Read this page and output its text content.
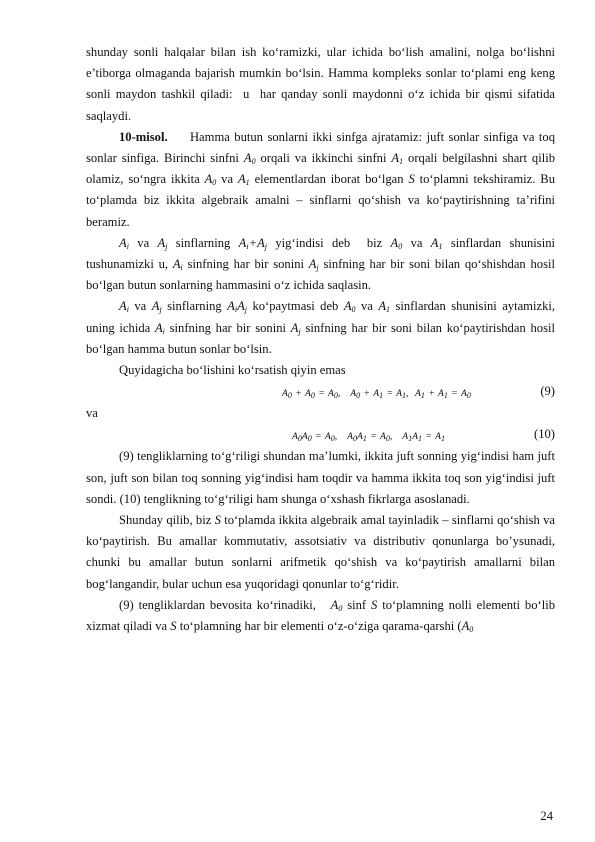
shunday sonli halqalar bilan ish ko‘ramizki, ular ichida bo‘lish amalini, nolga bo‘lishni e’tiborga olmaganda bajarish mumkin bo‘lsin. Hamma kompleks sonlar to‘plami eng keng sonli maydon tashkil qiladi:  u  har qanday sonli maydonni o‘z ichida bir qismi sifatida saqlaydi.

10-misol.     Hamma butun sonlarni ikki sinfga ajratamiz: juft sonlar sinfiga va toq sonlar sinfiga. Birinchi sinfni $A_0$ orqali va ikkinchi sinfni $A_1$ orqali belgilashni shart qilib olamiz, so‘ngra ikkita $A_0$ va $A_1$ elementlardan iborat bo‘lgan S to‘plamni tekshiramiz. Bu to‘plamda biz ikkita algebraik amalni – sinflarni qo‘shish va ko‘paytirishning ta’rifini beramiz.

$A_i$ va $A_j$ sinflarning $A_i+A_j$ yig‘indisi deb  biz $A_0$ va $A_1$ sinflardan shunisini tushunamizki u, $A_i$ sinfning har bir sonini $A_j$ sinfning har bir soni bilan qo‘shishdan hosil bo‘lgan butun sonlarning hammasini o‘z ichida saqlasin.

$A_i$ va $A_j$ sinflarning $A_iA_j$ ko‘paytmasi deb $A_0$ va $A_1$ sinflardan shunisini aytamizki, uning ichida $A_i$ sinfning har bir sonini $A_j$ sinfning har bir soni bilan ko‘paytirishdan hosil bo‘lgan hamma butun sonlar bo‘lsin.

Quyidagicha bo‘lishini ko‘rsatish qiyin emas

$A_0 + A_0 = A_0$,   $A_0 + A_1 = A_1$,  $A_1 + A_1 = A_0$	(9)

va

$A_0A_0 = A_0$,   $A_0A_1 = A_0$,   $A_1A_1 = A_1$	(10)

(9) tengliklarning to‘g‘riligi shundan ma’lumki, ikkita juft sonning yig‘indisi ham juft son, juft son bilan toq sonning yig‘indisi ham toqdir va hamma ikkita toq son yig‘indisi juft sondi. (10) tenglikning to‘g‘riligi ham shunga o‘xshash fikrlarga asoslanadi.

Shunday qilib, biz S to‘plamda ikkita algebraik amal tayinladik – sinflarni qo‘shish va ko‘paytirish. Bu amallar kommutativ, assotsiativ va distributiv qonunlarga bo’ysunadi, chunki bu amallar butun sonlarni arifmetik qo‘shish va ko‘paytirish amallarni bilan bog‘langandir, bular uchun esa yuqoridagi qonunlar to‘g‘ridir.

(9) tengliklardan bevosita ko‘rinadiki,   $A_0$ sinf S to‘plamning nolli elementi bo‘lib xizmat qiladi va S to‘plamning har bir elementi o‘z-o‘ziga qarama-qarshi ($A_0$

24
